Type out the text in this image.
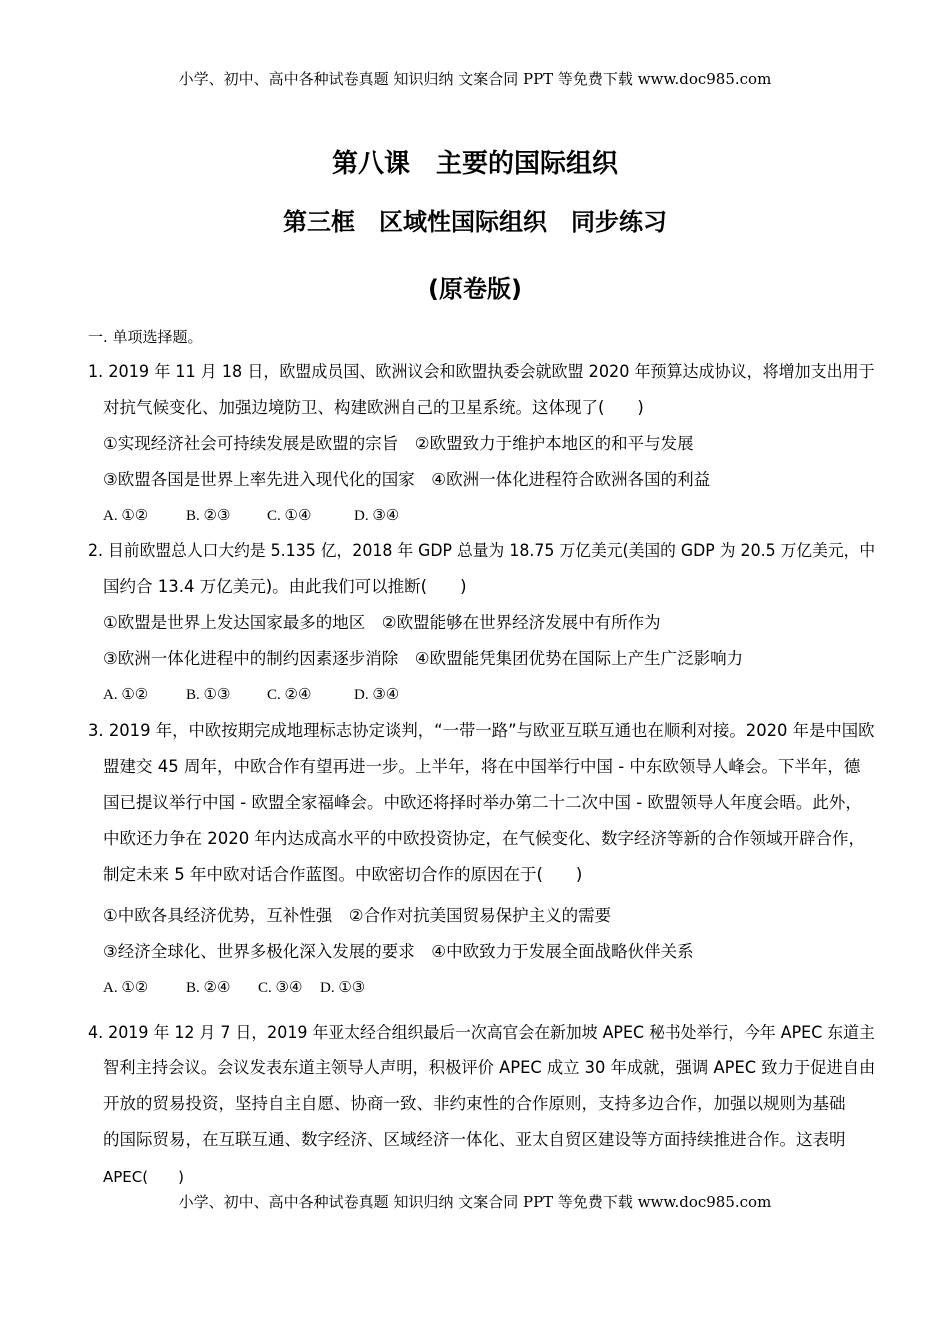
小学、初中、高中各种试卷真题 知识归纳 文案合同 PPT 等免费下载 www.doc985.com
第八课　主要的国际组织
第三框　区域性国际组织　同步练习
(原卷版)
一. 单项选择题。
1. 2019 年 11 月 18 日，欧盟成员国、欧洲议会和欧盟执委会就欧盟 2020 年预算达成协议，将增加支出用于
对抗气候变化、加强边境防卫、构建欧洲自己的卫星系统。这体现了(　　)
①实现经济社会可持续发展是欧盟的宗旨　②欧盟致力于维护本地区的和平与发展
③欧盟各国是世界上率先进入现代化的国家　④欧洲一体化进程符合欧洲各国的利益
A. ①②	B. ②③ C. ①④	D. ③④
2. 目前欧盟总人口大约是 5.135 亿，2018 年 GDP 总量为 18.75 万亿美元(美国的 GDP 为 20.5 万亿美元，中
国约合 13.4 万亿美元)。由此我们可以推断(　　)
①欧盟是世界上发达国家最多的地区　②欧盟能够在世界经济发展中有所作为
③欧洲一体化进程中的制约因素逐步消除　④欧盟能凭集团优势在国际上产生广泛影响力
A. ①②	B. ①③ C. ②④	D. ③④
3. 2019 年，中欧按期完成地理标志协定谈判，“一带一路”与欧亚互联互通也在顺利对接。2020 年是中国欧
盟建交 45 周年，中欧合作有望再进一步。上半年，将在中国举行中国 - 中东欧领导人峰会。下半年，德
国已提议举行中国 - 欧盟全家福峰会。中欧还将择时举办第二十二次中国 - 欧盟领导人年度会晤。此外，
中欧还力争在 2020 年内达成高水平的中欧投资协定，在气候变化、数字经济等新的合作领域开辟合作，
制定未来 5 年中欧对话合作蓝图。中欧密切合作的原因在于(　　)
①中欧各具经济优势，互补性强　②合作对抗美国贸易保护主义的需要
③经济全球化、世界多极化深入发展的要求　④中欧致力于发展全面战略伙伴关系
A. ①②	B. ②④ C. ③④ D. ①③
4. 2019 年 12 月 7 日，2019 年亚太经合组织最后一次高官会在新加坡 APEC 秘书处举行，今年 APEC 东道主
智利主持会议。会议发表东道主领导人声明，积极评价 APEC 成立 30 年成就，强调 APEC 致力于促进自由
开放的贸易投资，坚持自主自愿、协商一致、非约束性的合作原则，支持多边合作，加强以规则为基础
的国际贸易，在互联互通、数字经济、区域经济一体化、亚太自贸区建设等方面持续推进合作。这表明
APEC(　　)
小学、初中、高中各种试卷真题 知识归纳 文案合同 PPT 等免费下载 www.doc985.com
